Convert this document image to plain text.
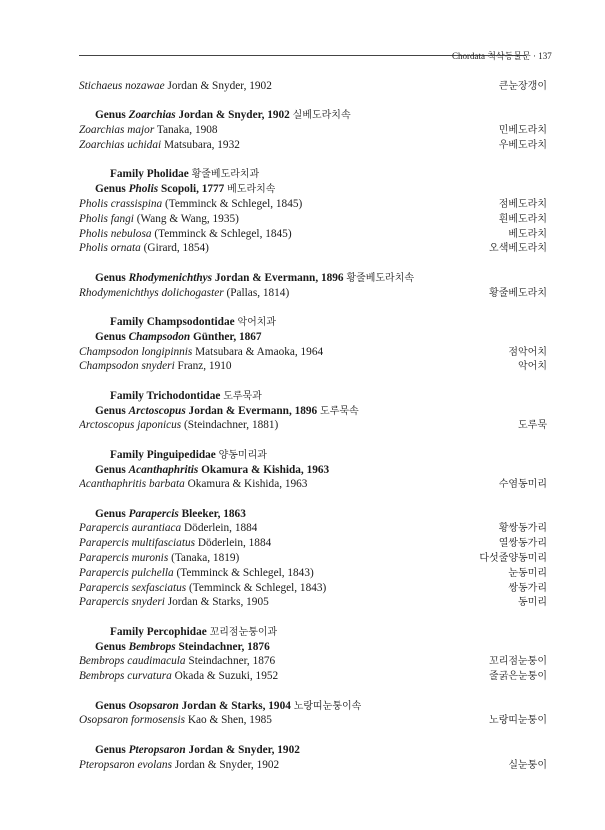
Chordata 척삭동물문 · 137
Stichaeus nozawae Jordan & Snyder, 1902	큰눈장갱이
Genus Zoarchias Jordan & Snyder, 1902 실베도라치속
Zoarchias major Tanaka, 1908	민베도라치
Zoarchias uchidai Matsubara, 1932	우베도라치
Family Pholidae 황줄베도라치과
Genus Pholis Scopoli, 1777 베도라치속
Pholis crassispina (Temminck & Schlegel, 1845)	점베도라치
Pholis fangi (Wang & Wang, 1935)	흰베도라치
Pholis nebulosa (Temminck & Schlegel, 1845)	베도라치
Pholis ornata (Girard, 1854)	오색베도라치
Genus Rhodymenichthys Jordan & Evermann, 1896 황줄베도라치속
Rhodymenichthys dolichogaster (Pallas, 1814)	황줄베도라치
Family Champsodontidae 악어치과
Genus Champsodon Günther, 1867
Champsodon longipinnis Matsubara & Amaoka, 1964	점악어치
Champsodon snyderi Franz, 1910	악어치
Family Trichodontidae 도루묵과
Genus Arctoscopus Jordan & Evermann, 1896 도루묵속
Arctoscopus japonicus (Steindachner, 1881)	도루묵
Family Pinguipedidae 양동미리과
Genus Acanthaphritis Okamura & Kishida, 1963
Acanthaphritis barbata Okamura & Kishida, 1963	수염동미리
Genus Parapercis Bleeker, 1863
Parapercis aurantiaca Döderlein, 1884	황쌍동가리
Parapercis multifasciatus Döderlein, 1884	열쌍동가리
Parapercis muronis (Tanaka, 1819)	다섯줄양동미리
Parapercis pulchella (Temminck & Schlegel, 1843)	눈동미리
Parapercis sexfasciatus (Temminck & Schlegel, 1843)	쌍동가리
Parapercis snyderi Jordan & Starks, 1905	동미리
Family Percophidae 꼬리점눈퉁이과
Genus Bembrops Steindachner, 1876
Bembrops caudimacula Steindachner, 1876	꼬리점눈퉁이
Bembrops curvatura Okada & Suzuki, 1952	줄굵은눈퉁이
Genus Osopsaron Jordan & Starks, 1904 노랑띠눈퉁이속
Osopsaron formosensis Kao & Shen, 1985	노랑띠눈퉁이
Genus Pteropsaron Jordan & Snyder, 1902
Pteropsaron evolans Jordan & Snyder, 1902	실눈퉁이
